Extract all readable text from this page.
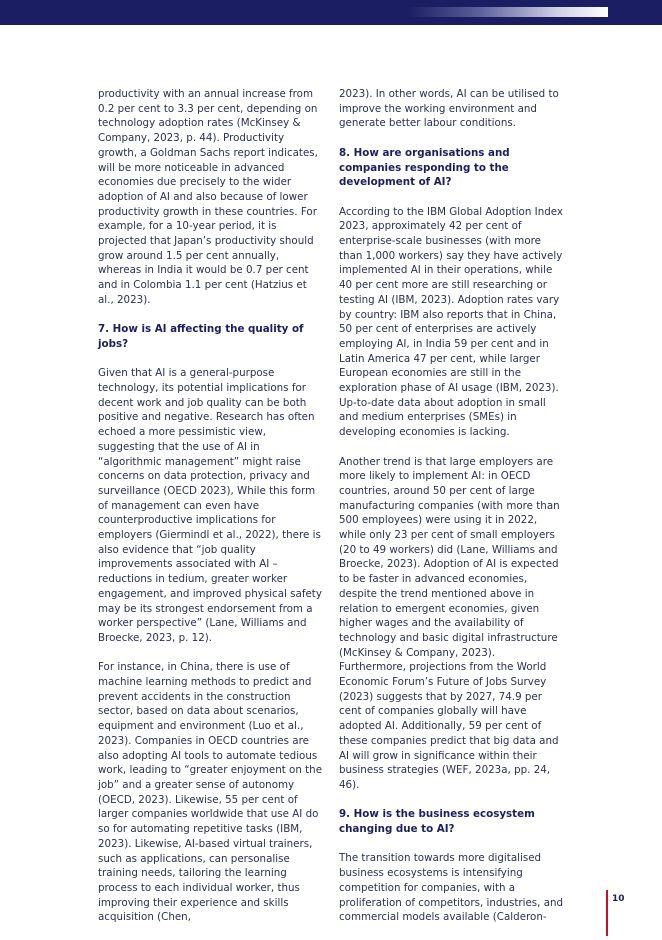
productivity with an annual increase from 0.2 per cent to 3.3 per cent, depending on technology adoption rates (McKinsey & Company, 2023, p. 44). Productivity growth, a Goldman Sachs report indicates, will be more noticeable in advanced economies due precisely to the wider adoption of AI and also because of lower productivity growth in these countries. For example, for a 10-year period, it is projected that Japan’s productivity should grow around 1.5 per cent annually, whereas in India it would be 0.7 per cent and in Colombia 1.1 per cent (Hatzius et al., 2023).

7. How is AI affecting the quality of jobs?

Given that AI is a general-purpose technology, its potential implications for decent work and job quality can be both positive and negative. Research has often echoed a more pessimistic view, suggesting that the use of AI in “algorithmic management” might raise concerns on data protection, privacy and surveillance (OECD 2023), While this form of management can even have counterproductive implications for employers (Giermindl et al., 2022), there is also evidence that “job quality improvements associated with AI – reductions in tedium, greater worker engagement, and improved physical safety may be its strongest endorsement from a worker perspective” (Lane, Williams and Broecke, 2023, p. 12).

For instance, in China, there is use of machine learning methods to predict and prevent accidents in the construction sector, based on data about scenarios, equipment and environment (Luo et al., 2023). Companies in OECD countries are also adopting AI tools to automate tedious work, leading to “greater enjoyment on the job” and a greater sense of autonomy (OECD, 2023). Likewise, 55 per cent of larger companies worldwide that use AI do so for automating repetitive tasks (IBM, 2023). Likewise, AI-based virtual trainers, such as applications, can personalise training needs, tailoring the learning process to each individual worker, thus improving their experience and skills acquisition (Chen,

2023). In other words, AI can be utilised to improve the working environment and generate better labour conditions.

8. How are organisations and companies responding to the development of AI?

According to the IBM Global Adoption Index 2023, approximately 42 per cent of enterprise-scale businesses (with more than 1,000 workers) say they have actively implemented AI in their operations, while 40 per cent more are still researching or testing AI (IBM, 2023). Adoption rates vary by country: IBM also reports that in China, 50 per cent of enterprises are actively employing AI, in India 59 per cent and in Latin America 47 per cent, while larger European economies are still in the exploration phase of AI usage (IBM, 2023). Up-to-date data about adoption in small and medium enterprises (SMEs) in developing economies is lacking.

Another trend is that large employers are more likely to implement AI: in OECD countries, around 50 per cent of large manufacturing companies (with more than 500 employees) were using it in 2022, while only 23 per cent of small employers (20 to 49 workers) did (Lane, Williams and Broecke, 2023). Adoption of AI is expected to be faster in advanced economies, despite the trend mentioned above in relation to emergent economies, given higher wages and the availability of technology and basic digital infrastructure (McKinsey & Company, 2023). Furthermore, projections from the World Economic Forum’s Future of Jobs Survey (2023) suggests that by 2027, 74.9 per cent of companies globally will have adopted AI. Additionally, 59 per cent of these companies predict that big data and AI will grow in significance within their business strategies (WEF, 2023a, pp. 24, 46).

9. How is the business ecosystem changing due to AI?

The transition towards more digitalised business ecosystems is intensifying competition for companies, with a proliferation of competitors, industries, and commercial models available (Calderon-

10
